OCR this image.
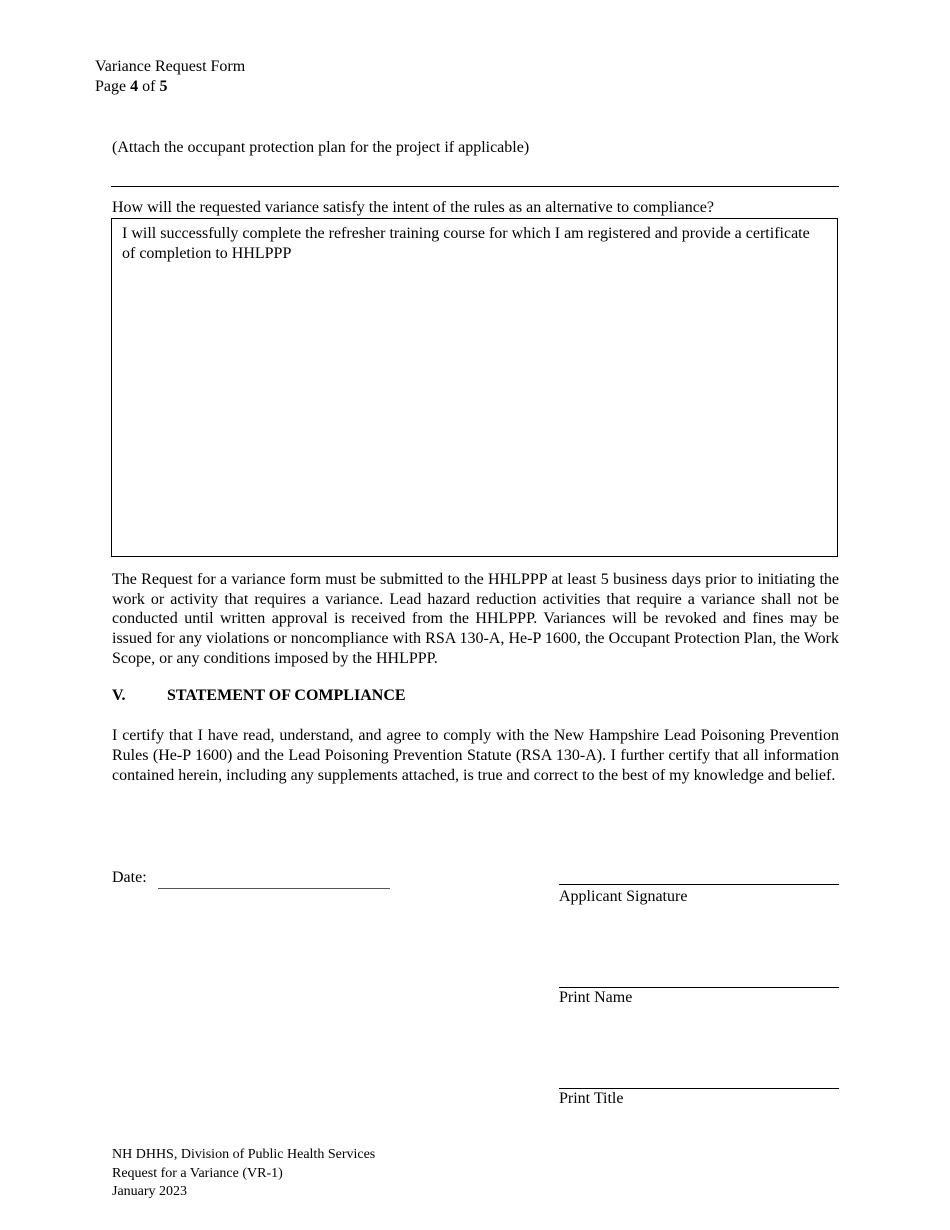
Variance Request Form
Page 4 of 5
(Attach the occupant protection plan for the project if applicable)
How will the requested variance satisfy the intent of the rules as an alternative to compliance?
I will successfully complete the refresher training course for which I am registered and provide a certificate of completion to HHLPPP
The Request for a variance form must be submitted to the HHLPPP at least 5 business days prior to initiating the work or activity that requires a variance. Lead hazard reduction activities that require a variance shall not be conducted until written approval is received from the HHLPPP. Variances will be revoked and fines may be issued for any violations or noncompliance with RSA 130-A, He-P 1600, the Occupant Protection Plan, the Work Scope, or any conditions imposed by the HHLPPP.
V.	STATEMENT OF COMPLIANCE
I certify that I have read, understand, and agree to comply with the New Hampshire Lead Poisoning Prevention Rules (He-P 1600) and the Lead Poisoning Prevention Statute (RSA 130-A). I further certify that all information contained herein, including any supplements attached, is true and correct to the best of my knowledge and belief.
Date:
Applicant Signature
Print Name
Print Title
NH DHHS, Division of Public Health Services
Request for a Variance (VR-1)
January 2023
